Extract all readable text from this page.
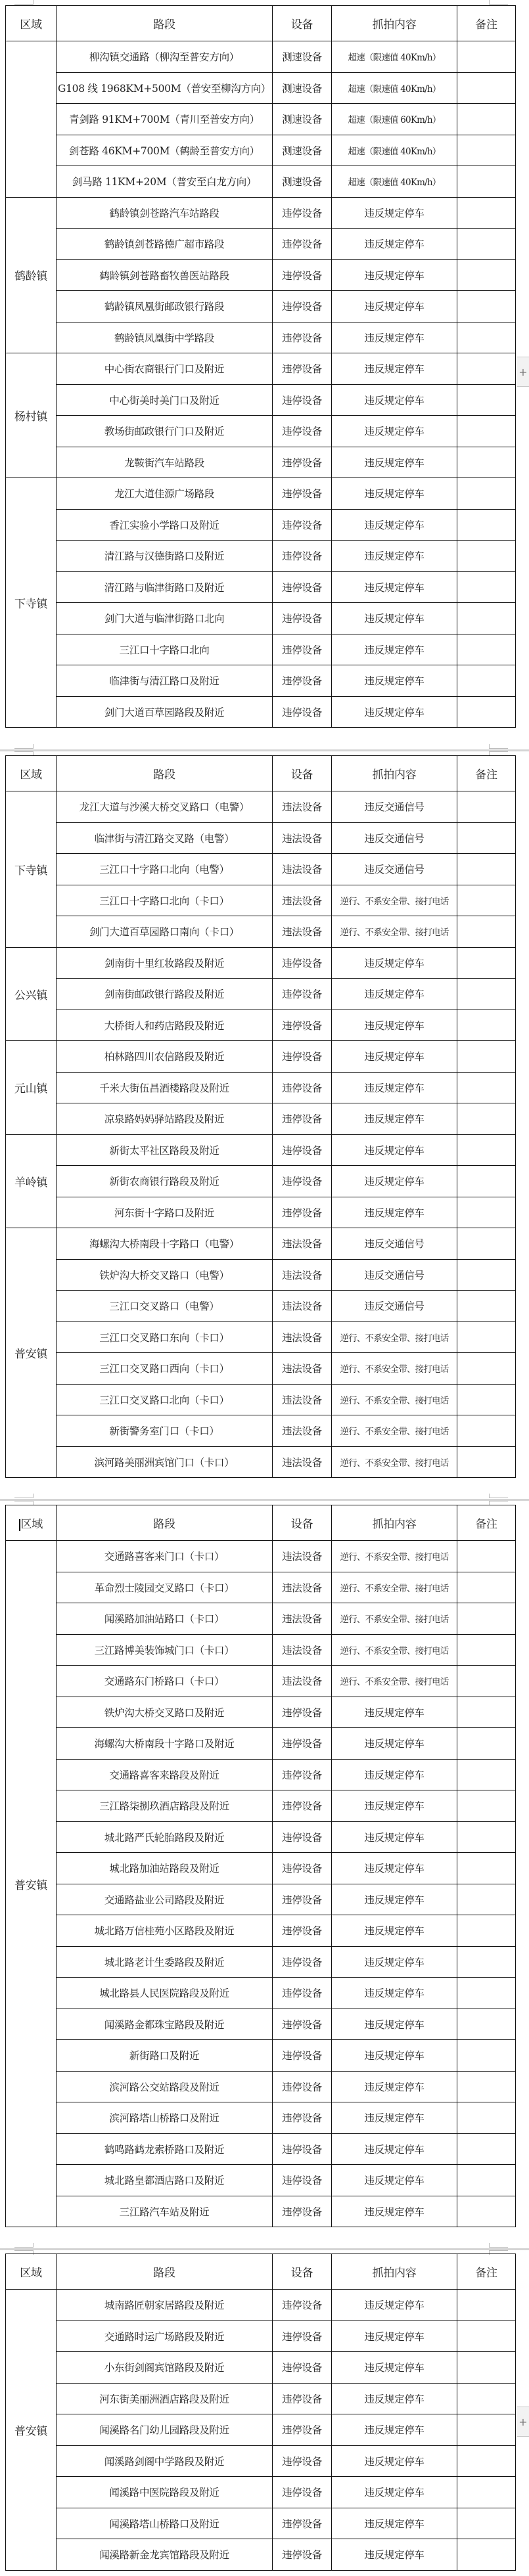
区域	路段	设备	抓拍内容	备注
	柳沟镇交通路（柳沟至普安方向）	测速设备	超速（限速值 40Km/h）	
	G108 线 1968KM+500M（普安至柳沟方向）	测速设备	超速（限速值 40Km/h）	
	青剑路 91KM+700M（青川至普安方向）	测速设备	超速（限速值 60Km/h）	
	剑苍路 46KM+700M（鹤龄至普安方向）	测速设备	超速（限速值 40Km/h）	
	剑马路 11KM+20M（普安至白龙方向）	测速设备	超速（限速值 40Km/h）	
鹤龄镇	鹤龄镇剑苍路汽车站路段	违停设备	违反规定停车	
	鹤龄镇剑苍路德广超市路段	违停设备	违反规定停车	
	鹤龄镇剑苍路畜牧兽医站路段	违停设备	违反规定停车	
	鹤龄镇凤凰街邮政银行路段	违停设备	违反规定停车	
	鹤龄镇凤凰街中学路段	违停设备	违反规定停车	
杨村镇	中心街农商银行门口及附近	违停设备	违反规定停车	
	中心街美时美门口及附近	违停设备	违反规定停车	
	教场街邮政银行门口及附近	违停设备	违反规定停车	
	龙鞍街汽车站路段	违停设备	违反规定停车	
下寺镇	龙江大道佳源广场路段	违停设备	违反规定停车	
	香江实验小学路口及附近	违停设备	违反规定停车	
	清江路与汉德街路口及附近	违停设备	违反规定停车	
	清江路与临津街路口及附近	违停设备	违反规定停车	
	剑门大道与临津街路口北向	违停设备	违反规定停车	
	三江口十字路口北向	违停设备	违反规定停车	
	临津街与清江路口及附近	违停设备	违反规定停车	
	剑门大道百草园路段及附近	违停设备	违反规定停车	
区域	路段	设备	抓拍内容	备注
下寺镇	龙江大道与沙溪大桥交叉路口（电警）	违法设备	违反交通信号	
	临津街与清江路交叉路（电警）	违法设备	违反交通信号	
	三江口十字路口北向（电警）	违法设备	违反交通信号	
	三江口十字路口北向（卡口）	违法设备	逆行、不系安全带、接打电话	
	剑门大道百草园路口南向（卡口）	违法设备	逆行、不系安全带、接打电话	
公兴镇	剑南街十里红妆路段及附近	违停设备	违反规定停车	
	剑南街邮政银行路段及附近	违停设备	违反规定停车	
	大桥街人和药店路段及附近	违停设备	违反规定停车	
元山镇	柏林路四川农信路段及附近	违停设备	违反规定停车	
	千米大街伍昌酒楼路段及附近	违停设备	违反规定停车	
	凉泉路妈妈驿站路段及附近	违停设备	违反规定停车	
羊岭镇	新街太平社区路段及附近	违停设备	违反规定停车	
	新街农商银行路段及附近	违停设备	违反规定停车	
	河东街十字路口及附近	违停设备	违反规定停车	
普安镇	海螺沟大桥南段十字路口（电警）	违法设备	违反交通信号	
	铁炉沟大桥交叉路口（电警）	违法设备	违反交通信号	
	三江口交叉路口（电警）	违法设备	违反交通信号	
	三江口交叉路口东向（卡口）	违法设备	逆行、不系安全带、接打电话	
	三江口交叉路口西向（卡口）	违法设备	逆行、不系安全带、接打电话	
	三江口交叉路口北向（卡口）	违法设备	逆行、不系安全带、接打电话	
	新街警务室门口（卡口）	违法设备	逆行、不系安全带、接打电话	
	滨河路美丽洲宾馆门口（卡口）	违法设备	逆行、不系安全带、接打电话	
区域	路段	设备	抓拍内容	备注
普安镇	交通路喜客来门口（卡口）	违法设备	逆行、不系安全带、接打电话	
	革命烈士陵园交叉路口（卡口）	违法设备	逆行、不系安全带、接打电话	
	闻溪路加油站路口（卡口）	违法设备	逆行、不系安全带、接打电话	
	三江路博美装饰城门口（卡口）	违法设备	逆行、不系安全带、接打电话	
	交通路东门桥路口（卡口）	违法设备	逆行、不系安全带、接打电话	
	铁炉沟大桥交叉路口及附近	违停设备	违反规定停车	
	海螺沟大桥南段十字路口及附近	违停设备	违反规定停车	
	交通路喜客来路段及附近	违停设备	违反规定停车	
	三江路柒捌玖酒店路段及附近	违停设备	违反规定停车	
	城北路严氏轮胎路段及附近	违停设备	违反规定停车	
	城北路加油站路段及附近	违停设备	违反规定停车	
	交通路盐业公司路段及附近	违停设备	违反规定停车	
	城北路万信桂苑小区路段及附近	违停设备	违反规定停车	
	城北路老计生委路段及附近	违停设备	违反规定停车	
	城北路县人民医院路段及附近	违停设备	违反规定停车	
	闻溪路金都珠宝路段及附近	违停设备	违反规定停车	
	新街路口及附近	违停设备	违反规定停车	
	滨河路公交站路段及附近	违停设备	违反规定停车	
	滨河路塔山桥路口及附近	违停设备	违反规定停车	
	鹤鸣路鹤龙索桥路口及附近	违停设备	违反规定停车	
	城北路皇都酒店路口及附近	违停设备	违反规定停车	
	三江路汽车站及附近	违停设备	违反规定停车	
区域	路段	设备	抓拍内容	备注
普安镇	城南路匠朝家居路段及附近	违停设备	违反规定停车	
	交通路时运广场路段及附近	违停设备	违反规定停车	
	小东街剑阁宾馆路段及附近	违停设备	违反规定停车	
	河东街美丽洲酒店路段及附近	违停设备	违反规定停车	
	闻溪路名门幼儿园路段及附近	违停设备	违反规定停车	
	闻溪路剑阁中学路段及附近	违停设备	违反规定停车	
	闻溪路中医院路段及附近	违停设备	违反规定停车	
	闻溪路塔山桥路口及附近	违停设备	违反规定停车	
	闻溪路新金龙宾馆路段及附近	违停设备	违反规定停车	
+
+
